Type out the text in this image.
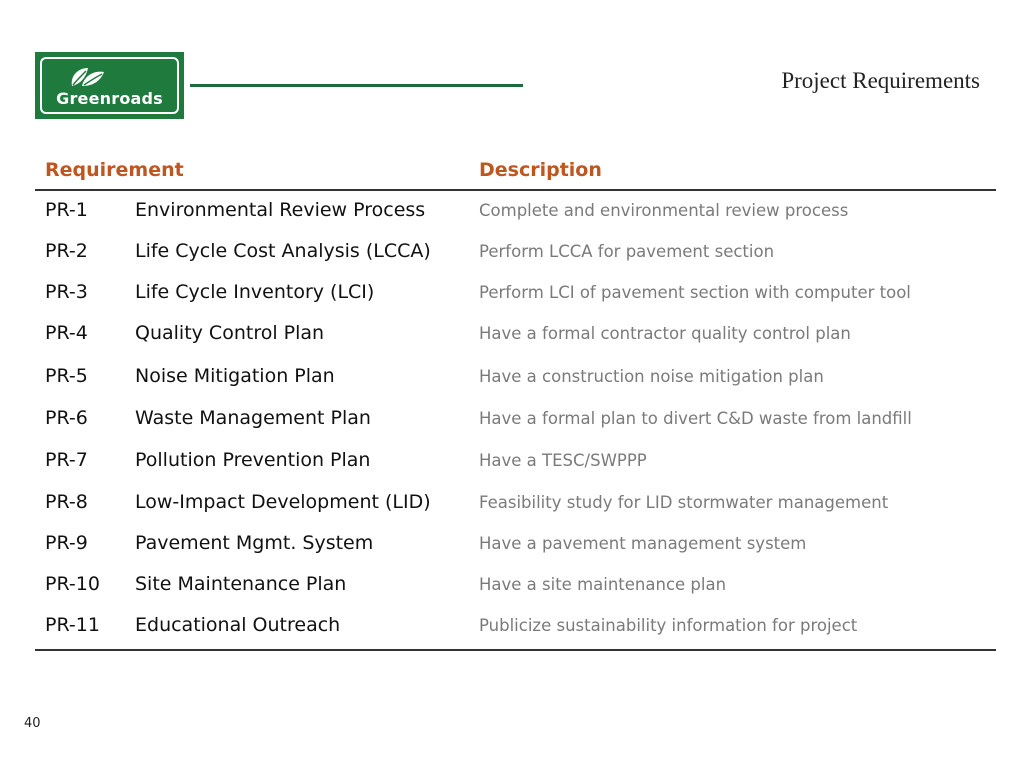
Greenroads
Project Requirements
Requirement	Description
PR-1 Environmental Review Process	Complete and environmental review process
PR-2 Life Cycle Cost Analysis (LCCA)	Perform LCCA for pavement section
PR-3 Life Cycle Inventory (LCI)	Perform LCI of pavement section with computer tool
PR-4 Quality Control Plan	Have a formal contractor quality control plan
PR-5 Noise Mitigation Plan	Have a construction noise mitigation plan
PR-6 Waste Management Plan	Have a formal plan to divert C&D waste from landfill
PR-7 Pollution Prevention Plan	Have a TESC/SWPPP
PR-8 Low-Impact Development (LID)	Feasibility study for LID stormwater management
PR-9 Pavement Mgmt. System	Have a pavement management system
PR-10 Site Maintenance Plan	Have a site maintenance plan
PR-11 Educational Outreach	Publicize sustainability information for project
40
